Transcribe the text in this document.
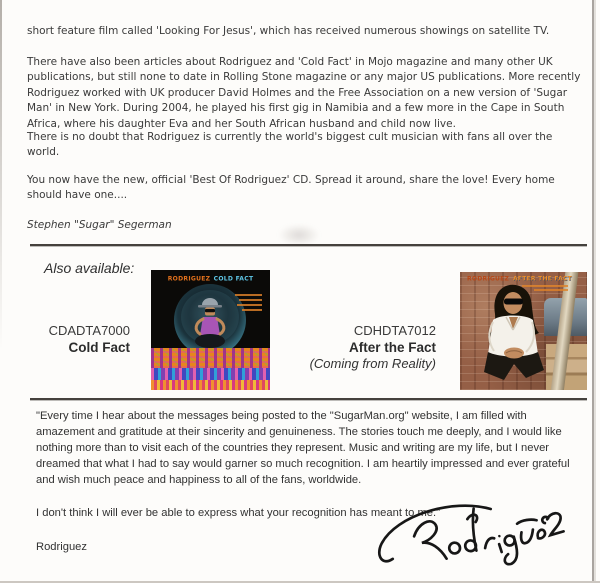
short feature film called 'Looking For Jesus', which has received numerous showings on satellite TV.
There have also been articles about Rodriguez and 'Cold Fact' in Mojo magazine and many other UK publications, but still none to date in Rolling Stone magazine or any major US publications. More recently Rodriguez worked with UK producer David Holmes and the Free Association on a new version of 'Sugar Man' in New York. During 2004, he played his first gig in Namibia and a few more in the Cape in South Africa, where his daughter Eva and her South African husband and child now live.
There is no doubt that Rodriguez is currently the world's biggest cult musician with fans all over the world.
You now have the new, official 'Best Of Rodriguez' CD. Spread it around, share the love! Every home should have one....
Stephen "Sugar" Segerman
Also available:
CDADTA7000
Cold Fact
RODRIGUEZ COLD FACT
CDHDTA7012
After the Fact
(Coming from Reality)
RODRIGUEZ AFTER THE FACT
"Every time I hear about the messages being posted to the "SugarMan.org" website, I am filled with amazement and gratitude at their sincerity and genuineness. The stories touch me deeply, and I would like nothing more than to visit each of the countries they represent. Music and writing are my life, but I never dreamed that what I had to say would garner so much recognition. I am heartily impressed and ever grateful and wish much peace and happiness to all of the fans, worldwide.
I don't think I will ever be able to express what your recognition has meant to me."
Rodriguez
